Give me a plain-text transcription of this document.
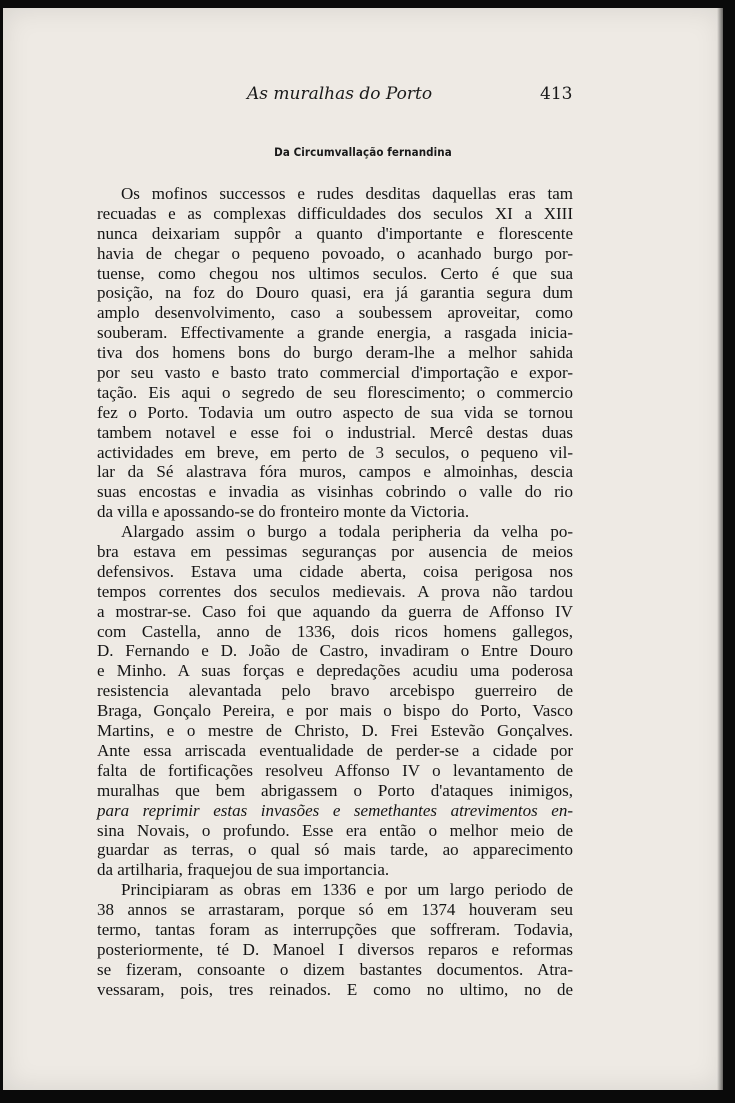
As muralhas do Porto	413
Da Circumvallação fernandina
Os mofinos successos e rudes desditas daquellas eras tam
recuadas e as complexas difficuldades dos seculos XI a XIII
nunca deixariam suppôr a quanto d'importante e florescente
havia de chegar o pequeno povoado, o acanhado burgo por-
tuense, como chegou nos ultimos seculos. Certo é que sua
posição, na foz do Douro quasi, era já garantia segura dum
amplo desenvolvimento, caso a soubessem aproveitar, como
souberam. Effectivamente a grande energia, a rasgada inicia-
tiva dos homens bons do burgo deram-lhe a melhor sahida
por seu vasto e basto trato commercial d'importação e expor-
tação. Eis aqui o segredo de seu florescimento; o commercio
fez o Porto. Todavia um outro aspecto de sua vida se tornou
tambem notavel e esse foi o industrial. Mercê destas duas
actividades em breve, em perto de 3 seculos, o pequeno vil-
lar da Sé alastrava fóra muros, campos e almoinhas, descia
suas encostas e invadia as visinhas cobrindo o valle do rio
da villa e apossando-se do fronteiro monte da Victoria.
Alargado assim o burgo a todala peripheria da velha po-
bra estava em pessimas seguranças por ausencia de meios
defensivos. Estava uma cidade aberta, coisa perigosa nos
tempos correntes dos seculos medievais. A prova não tardou
a mostrar-se. Caso foi que aquando da guerra de Affonso IV
com Castella, anno de 1336, dois ricos homens gallegos,
D. Fernando e D. João de Castro, invadiram o Entre Douro
e Minho. A suas forças e depredações acudiu uma poderosa
resistencia alevantada pelo bravo arcebispo guerreiro de
Braga, Gonçalo Pereira, e por mais o bispo do Porto, Vasco
Martins, e o mestre de Christo, D. Frei Estevão Gonçalves.
Ante essa arriscada eventualidade de perder-se a cidade por
falta de fortificações resolveu Affonso IV o levantamento de
muralhas que bem abrigassem o Porto d'ataques inimigos,
para reprimir estas invasões e semethantes atrevimentos en-
sina Novais, o profundo. Esse era então o melhor meio de
guardar as terras, o qual só mais tarde, ao apparecimento
da artilharia, fraquejou de sua importancia.
Principiaram as obras em 1336 e por um largo periodo de
38 annos se arrastaram, porque só em 1374 houveram seu
termo, tantas foram as interrupções que soffreram. Todavia,
posteriormente, té D. Manoel I diversos reparos e reformas
se fizeram, consoante o dizem bastantes documentos. Atra-
vessaram, pois, tres reinados. E como no ultimo, no de
